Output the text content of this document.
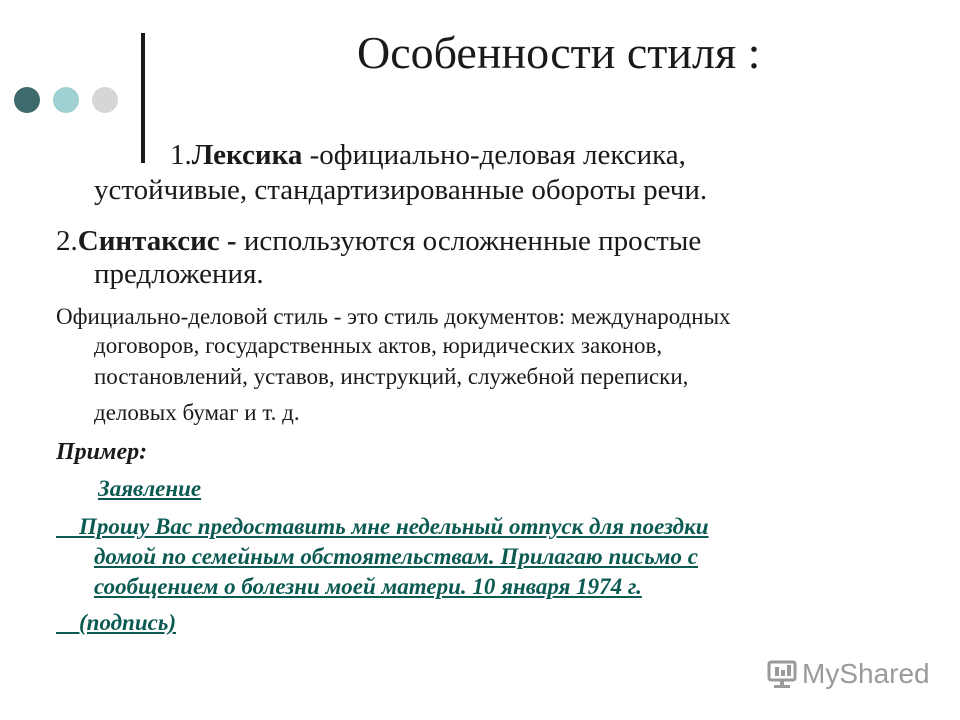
Особенности стиля :
1.Лексика -официально-деловая лексика,
устойчивые, стандартизированные обороты речи.
2.Синтаксис - используются осложненные простые
предложения.
Официально-деловой стиль - это стиль документов: международных
договоров, государственных актов, юридических законов,
постановлений, уставов, инструкций, служебной переписки,
деловых бумаг и т. д.
Пример:
Заявление
Прошу Вас предоставить мне недельный отпуск для поездки
домой по семейным обстоятельствам. Прилагаю письмо с
сообщением о болезни моей матери. 10 января 1974 г.
(подпись)
MyShared
